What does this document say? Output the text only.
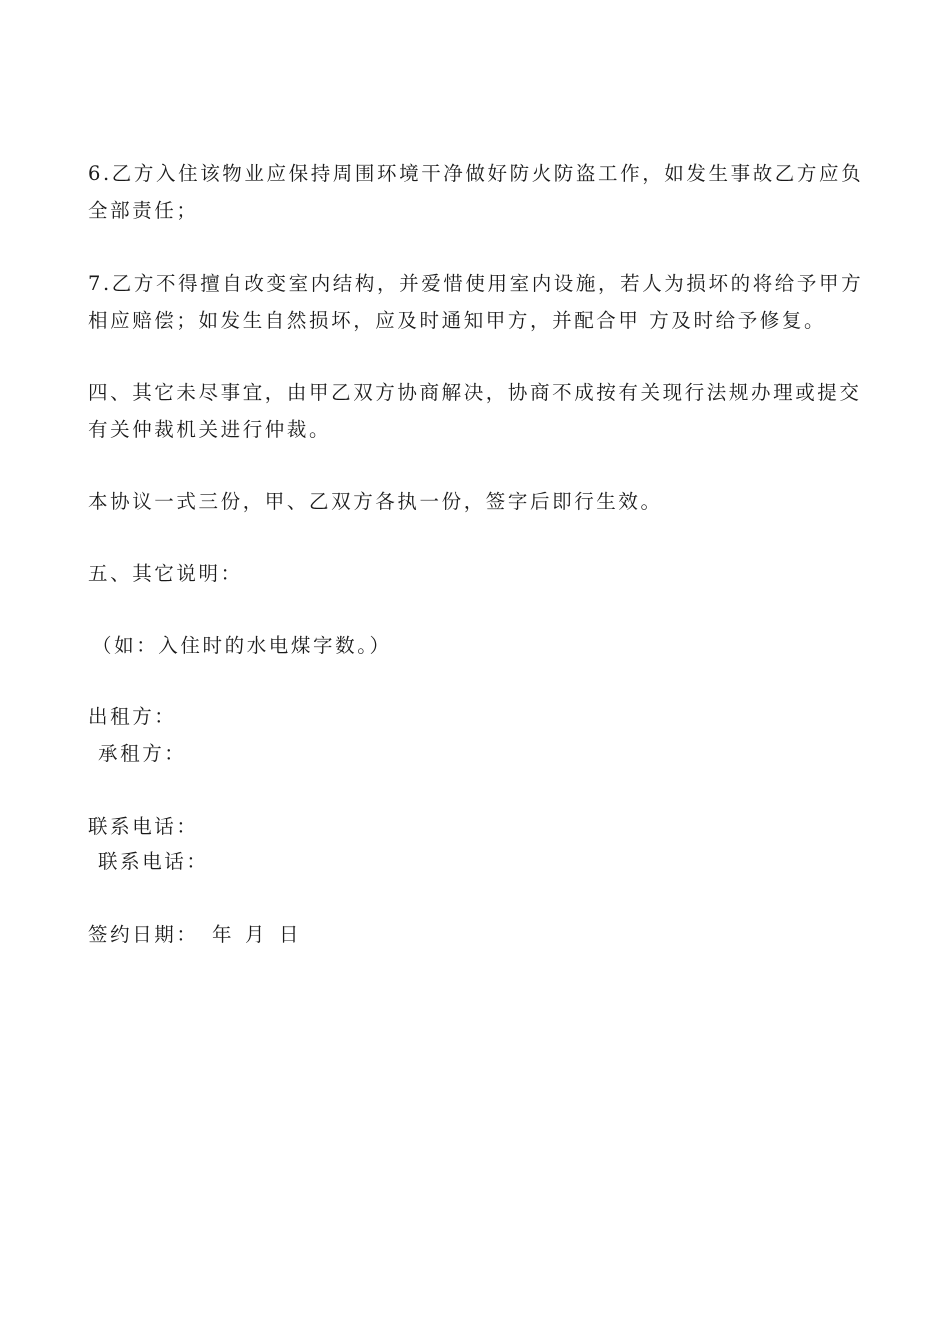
6.乙方入住该物业应保持周围环境干净做好防火防盗工作，如发生事故乙方应负全部责任；

7.乙方不得擅自改变室内结构，并爱惜使用室内设施，若人为损坏的将给予甲方相应赔偿；如发生自然损坏，应及时通知甲方，并配合甲 方及时给予修复。

四、其它未尽事宜，由甲乙双方协商解决，协商不成按有关现行法规办理或提交有关仲裁机关进行仲裁。

本协议一式三份，甲、乙双方各执一份，签字后即行生效。

五、其它说明：

（如：入住时的水电煤字数。）

出租方：

承租方：

联系电话：

联系电话：

签约日期： 年 月 日
